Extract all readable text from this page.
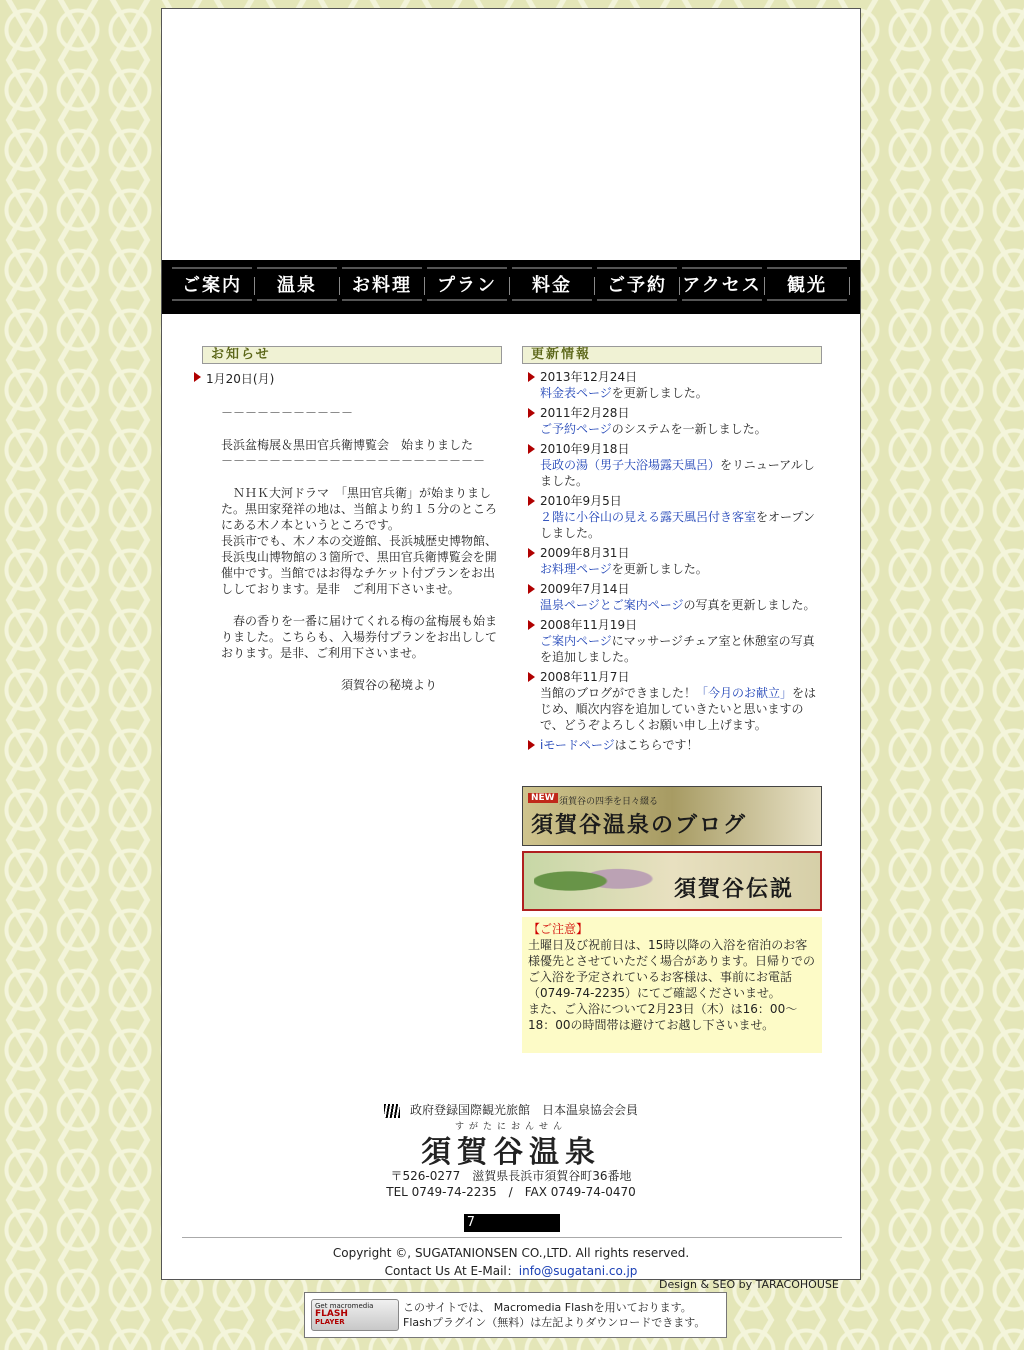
ご案内	温泉	お料理	プラン	料金	ご予約 アクセス	観光
お知らせ
1月20日(月)
－－－－－－－－－－－

長浜盆梅展＆黒田官兵衛博覧会　始まりました
－－－－－－－－－－－－－－－－－－－－－－

　ＮＨＫ大河ドラマ　「黒田官兵衛」が始まりました。黒田家発祥の地は、当館より約１５分のところにある木ノ本というところです。
長浜市でも、木ノ本の交遊館、長浜城歴史博物館、長浜曳山博物館の３箇所で、黒田官兵衛博覧会を開催中です。当館ではお得なチケット付プランをお出ししております。是非　ご利用下さいませ。

　春の香りを一番に届けてくれる梅の盆梅展も始まりました。こちらも、入場券付プランをお出ししております。是非、ご利用下さいませ。

　　　　　　　　　　須賀谷の秘境より
更新情報
2013年12月24日
料金表ページを更新しました。
2011年2月28日
ご予約ページのシステムを一新しました。
2010年9月18日
長政の湯（男子大浴場露天風呂）をリニューアルしました。
2010年9月5日
２階に小谷山の見える露天風呂付き客室をオープンしました。
2009年8月31日
お料理ページを更新しました。
2009年7月14日
温泉ページとご案内ページの写真を更新しました。
2008年11月19日
ご案内ページにマッサージチェア室と休憩室の写真を追加しました。
2008年11月7日
当館のブログができました！「今月のお献立」をはじめ、順次内容を追加していきたいと思いますので、どうぞよろしくお願い申し上げます。
iモードページはこちらです！
NEW 須賀谷の四季を日々綴る
須賀谷温泉のブログ
須賀谷伝説
【ご注意】
土曜日及び祝前日は、15時以降の入浴を宿泊のお客様優先とさせていただく場合があります。日帰りでのご入浴を予定されているお客様は、事前にお電話（0749-74-2235）にてご確認くださいませ。
また、ご入浴について2月23日（木）は16：00〜18：00の時間帯は避けてお越し下さいませ。
政府登録国際観光旅館　日本温泉協会会員
すがたにおんせん
須賀谷温泉
〒526-0277　滋賀県長浜市須賀谷町36番地
TEL 0749-74-2235　/　FAX 0749-74-0470
7
Copyright ©, SUGATANIONSEN CO.,LTD. All rights reserved.
Contact Us At E-Mail：info@sugatani.co.jp
Design & SEO by TARACOHOUSE
Get macromedia
FLASH
PLAYER
このサイトでは、 Macromedia Flashを用いております。
Flashプラグイン（無料）は左記よりダウンロードできます。
